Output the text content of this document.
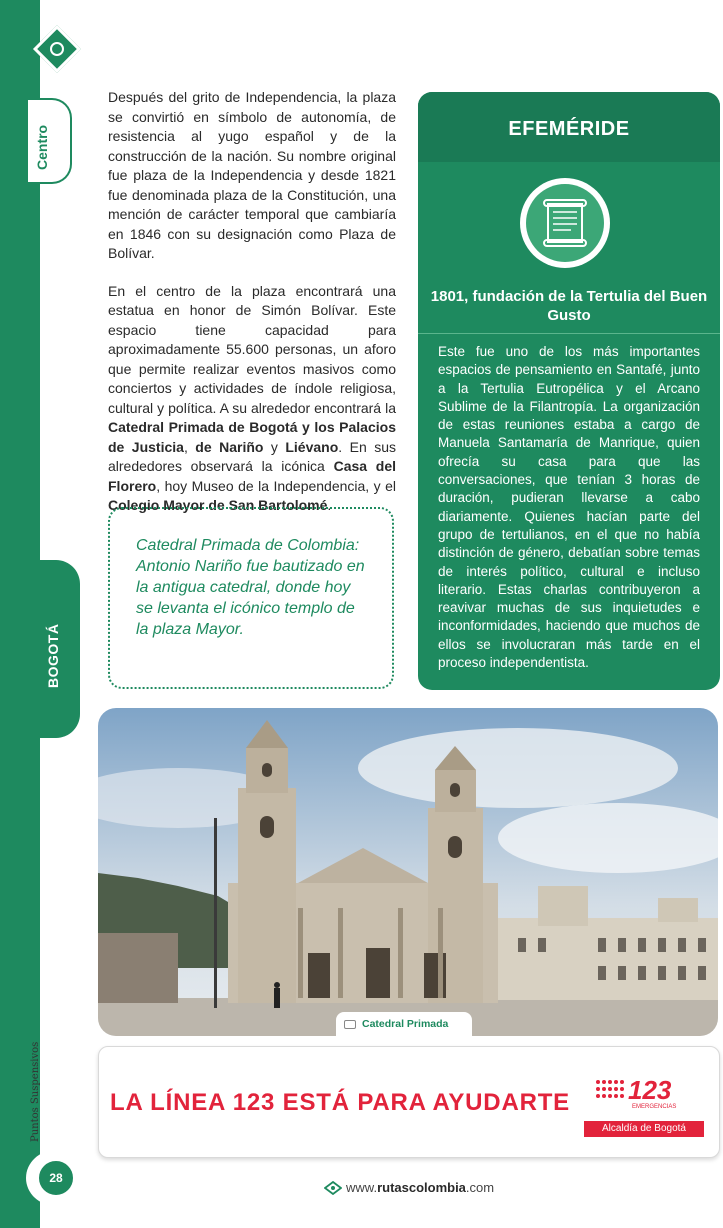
Centro
BOGOTÁ
Puntos Suspensivos
28

Después del grito de Independencia, la plaza se convirtió en símbolo de autonomía, de resistencia al yugo español y de la construcción de la nación. Su nombre original fue plaza de la Independencia y desde 1821 fue denominada plaza de la Constitución, una mención de carácter temporal que cambiaría en 1846 con su designación como Plaza de Bolívar.

En el centro de la plaza encontrará una estatua en honor de Simón Bolívar. Este espacio tiene capacidad para aproximadamente 55.600 personas, un aforo que permite realizar eventos masivos como conciertos y actividades de índole religiosa, cultural y política. A su alrededor encontrará la Catedral Primada de Bogotá y los Palacios de Justicia, de Nariño y Liévano. En sus alrededores observará la icónica Casa del Florero, hoy Museo de la Independencia, y el Colegio Mayor de San Bartolomé.

Catedral Primada de Colombia: Antonio Nariño fue bautizado en la antigua catedral, donde hoy se levanta el icónico templo de la plaza Mayor.
EFEMÉRIDE
1801, fundación de la Tertulia del Buen Gusto
Este fue uno de los más importantes espacios de pensamiento en Santafé, junto a la Tertulia Eutropélica y el Arcano Sublime de la Filantropía. La organización de estas reuniones estaba a cargo de Manuela Santamaría de Manrique, quien ofrecía su casa para que las conversaciones, que tenían 3 horas de duración, pudieran llevarse a cabo diariamente. Quienes hacían parte del grupo de tertulianos, en el que no había distinción de género, debatían sobre temas de interés político, cultural e incluso literario. Estas charlas contribuyeron a reavivar muchas de sus inquietudes e inconformidades, haciendo que muchos de ellos se involucraran más tarde en el proceso independentista.
Catedral Primada
LA LÍNEA 123 ESTÁ PARA AYUDARTE 123
EMERGENCIAS
Alcaldía de Bogotá
www. rutascolombia .com
